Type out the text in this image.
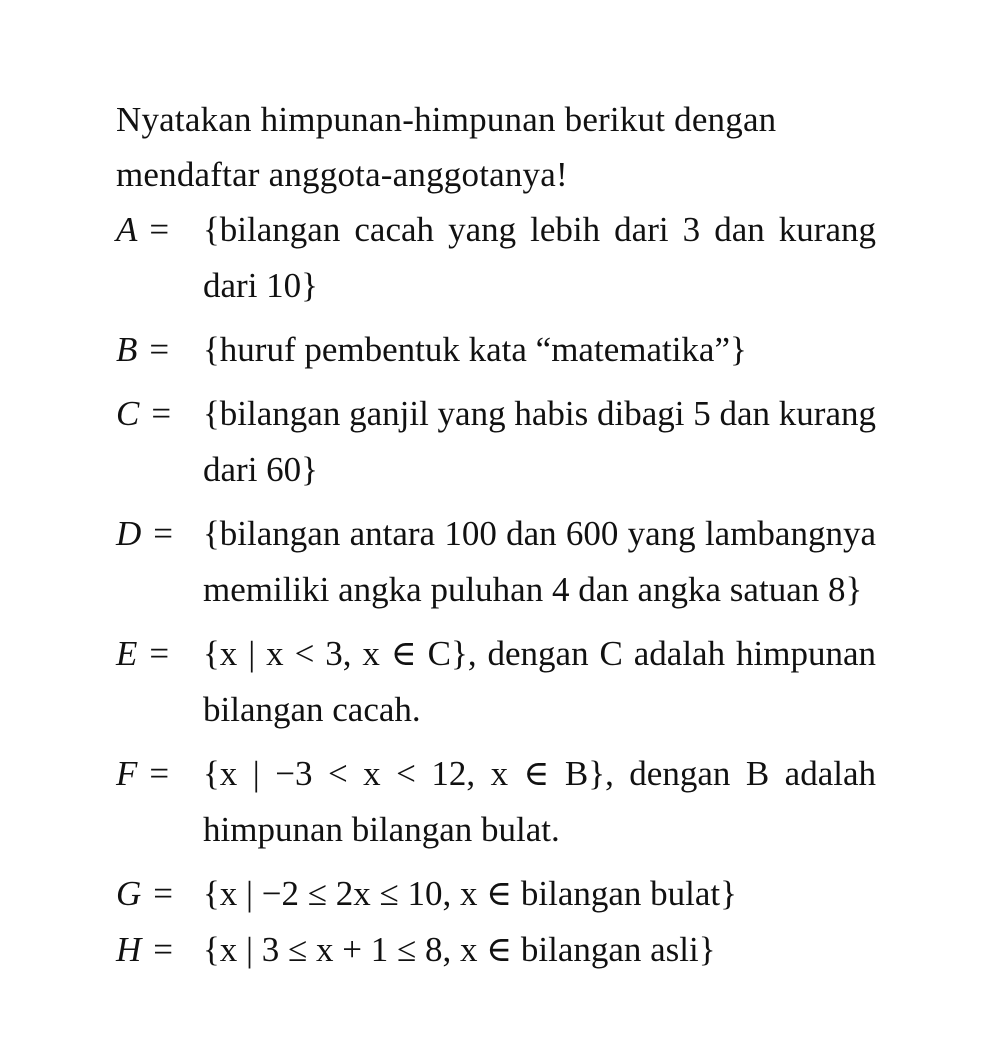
Nyatakan himpunan-himpunan berikut dengan
mendaftar anggota-anggotanya!
A = {bilangan cacah yang lebih dari 3 dan kurang dari 10}
B = {huruf pembentuk kata “matematika”}
C = {bilangan ganjil yang habis dibagi 5 dan kurang dari 60}
D = {bilangan antara 100 dan 600 yang lambangnya memiliki angka puluhan 4 dan angka satuan 8}
E = {x | x < 3, x ∈ C}, dengan C adalah himpunan bilangan cacah.
F = {x | −3 < x < 12, x ∈ B}, dengan B adalah himpunan bilangan bulat.
G = {x | −2 ≤ 2x ≤ 10, x ∈ bilangan bulat}
H = {x | 3 ≤ x + 1 ≤ 8, x ∈ bilangan asli}
